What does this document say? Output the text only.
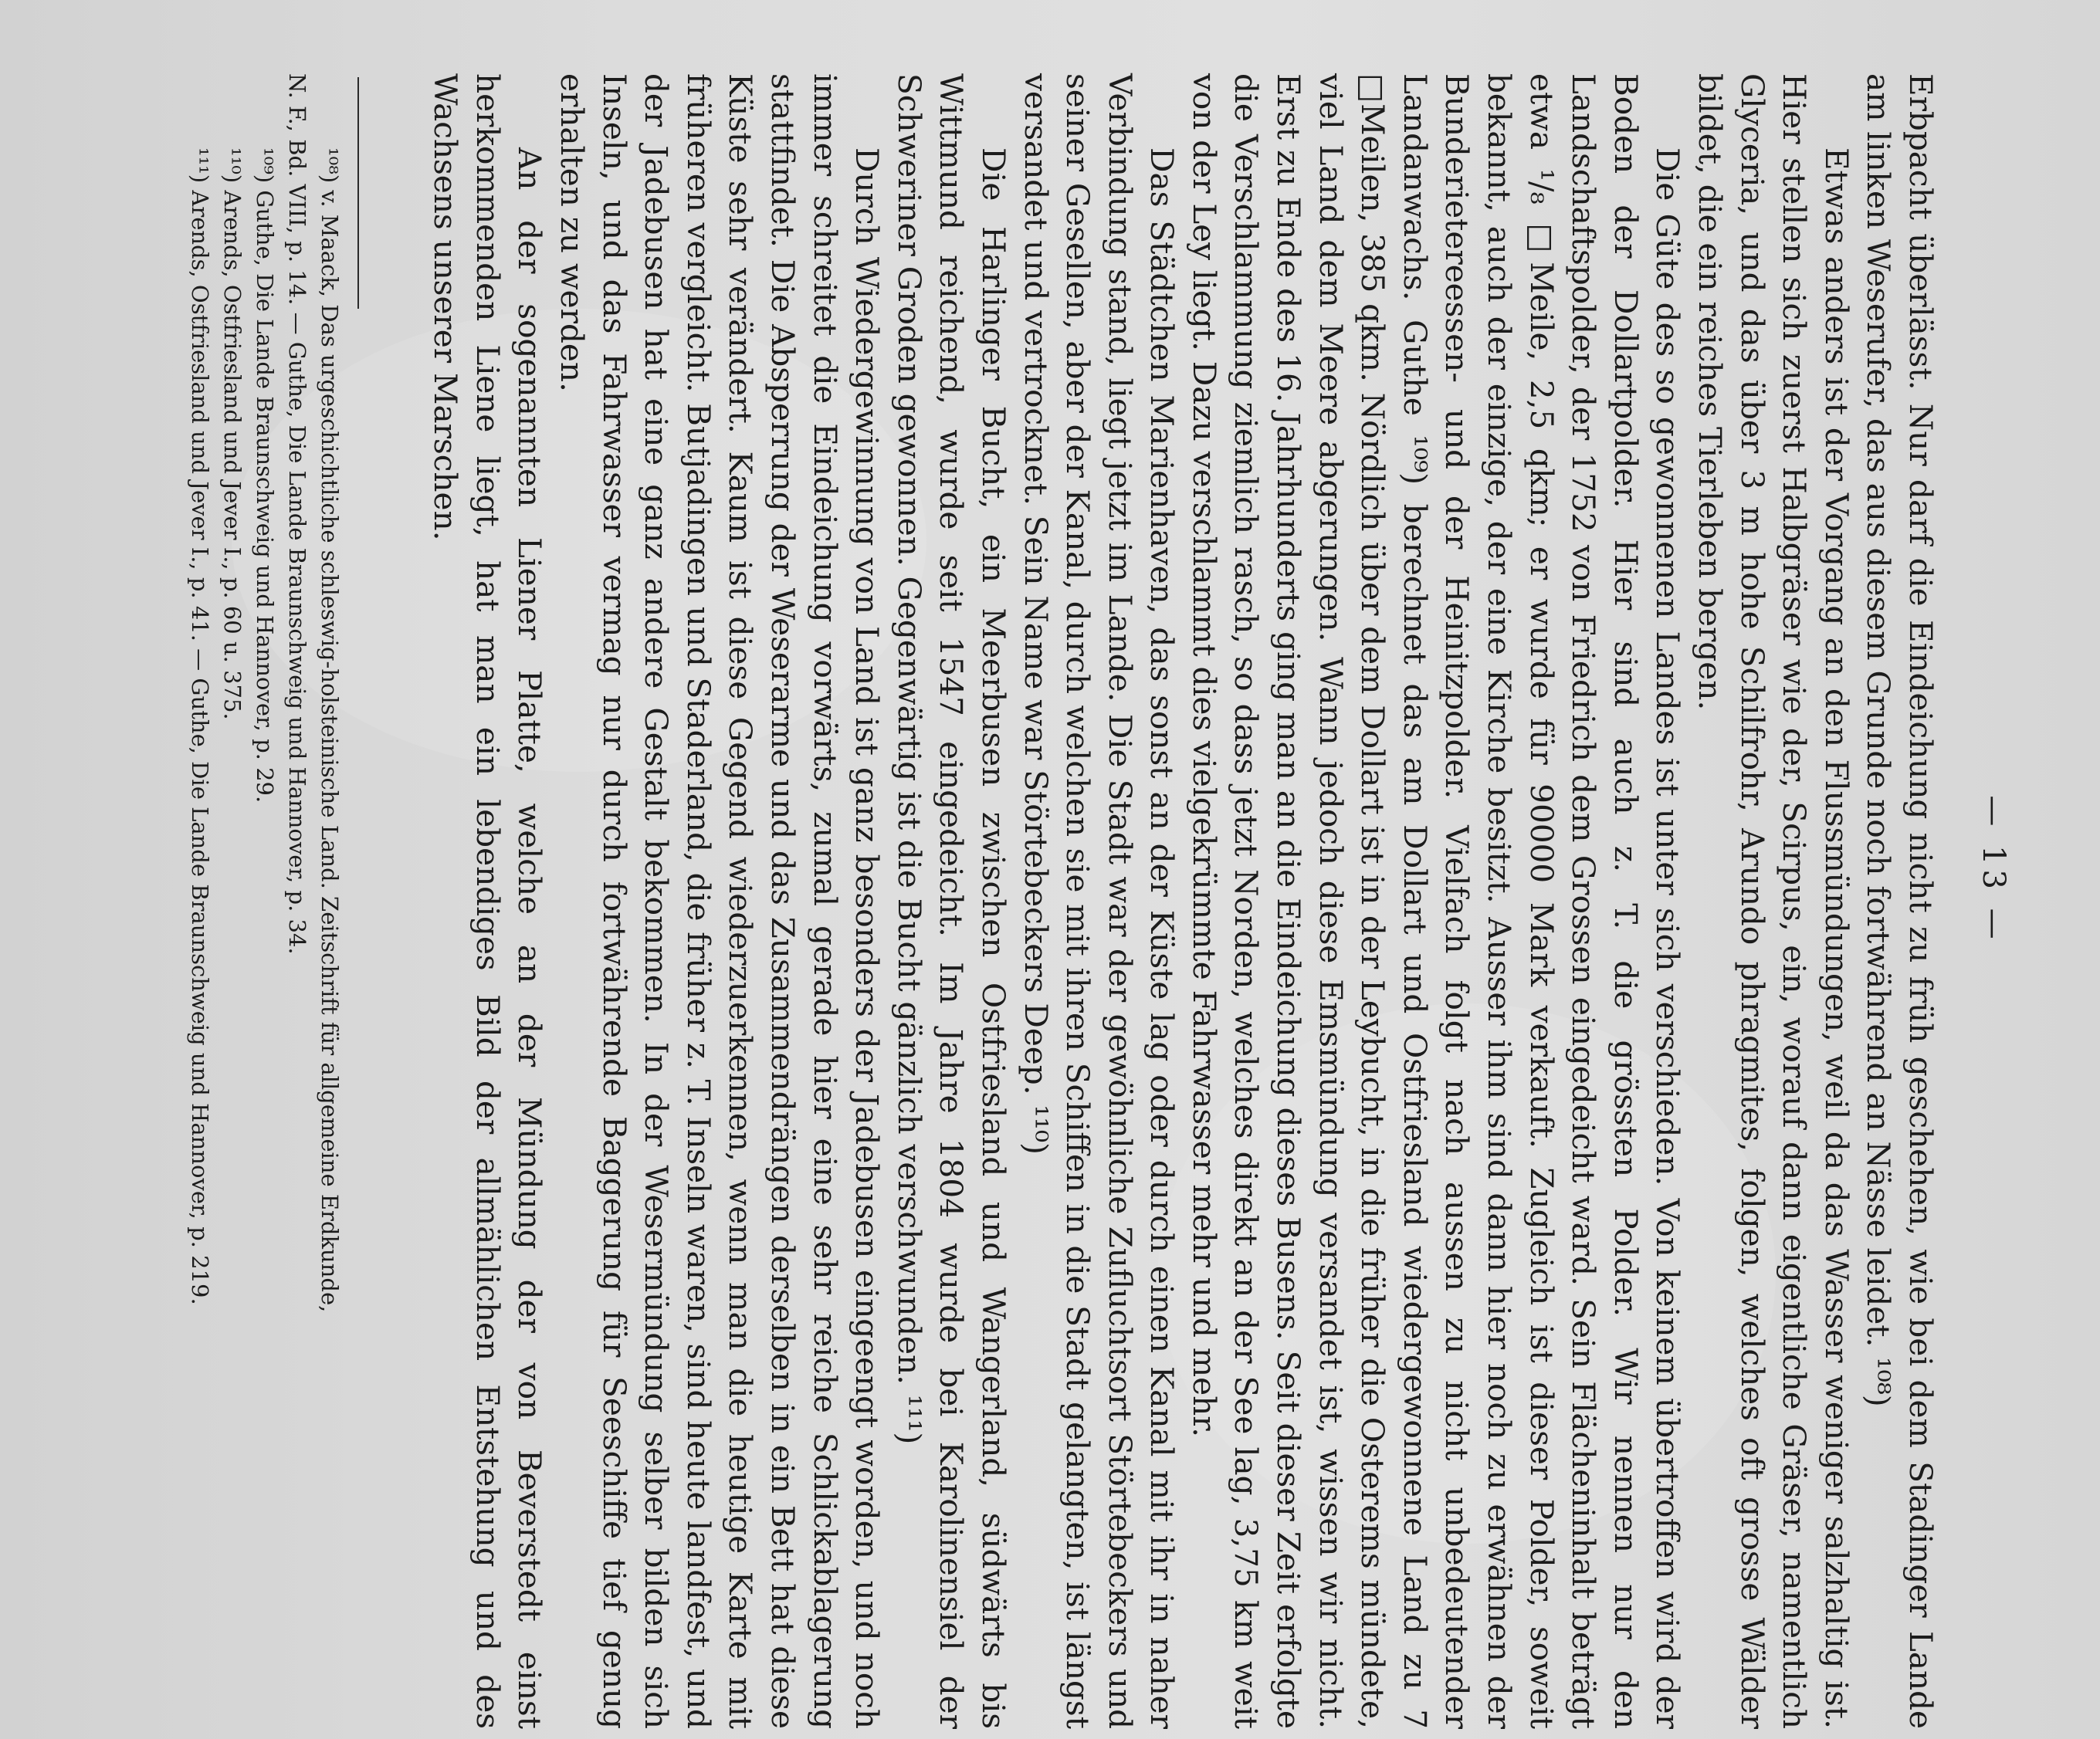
— 13 —

Erbpacht überlässt. Nur darf die Eindeichung nicht zu früh geschehen, wie bei dem Stadinger Lande am linken Weserufer, das aus diesem Grunde noch fortwährend an Nässe leidet. ¹⁰⁸)

Etwas anders ist der Vorgang an den Flussmündungen, weil da das Wasser weniger salzhaltig ist. Hier stellen sich zuerst Halbgräser wie der, Scirpus, ein, worauf dann eigentliche Gräser, namentlich Glyceria, und das über 3 m hohe Schilfrohr, Arundo phragmites, folgen, welches oft grosse Wälder bildet, die ein reiches Tierleben bergen.

Die Güte des so gewonnenen Landes ist unter sich verschieden. Von keinem übertroffen wird der Boden der Dollartpolder. Hier sind auch z. T. die grössten Polder. Wir nennen nur den Landschaftspolder, der 1752 von Friedrich dem Grossen eingedeicht ward. Sein Flächeninhalt beträgt etwa ¹/₈ □Meile, 2,5 qkm; er wurde für 90000 Mark verkauft. Zugleich ist dieser Polder, soweit bekannt, auch der einzige, der eine Kirche besitzt. Ausser ihm sind dann hier noch zu erwähnen der Bunderietereessen- und der Heinitzpolder. Vielfach folgt nach aussen zu nicht unbedeutender Landanwachs. Guthe ¹⁰⁹) berechnet das am Dollart und Ostfriesland wiedergewonnene Land zu 7 □Meilen, 385 qkm. Nördlich über dem Dollart ist in der Leybucht, in die früher die Osterems mündete, viel Land dem Meere abgerungen. Wann jedoch diese Emsmündung versandet ist, wissen wir nicht. Erst zu Ende des 16. Jahrhunderts ging man an die Eindeichung dieses Busens. Seit dieser Zeit erfolgte die Verschlammung ziemlich rasch, so dass jetzt Norden, welches direkt an der See lag, 3,75 km weit von der Ley liegt. Dazu verschlammt dies vielgekrümmte Fahrwasser mehr und mehr.

Das Städtchen Marienhaven, das sonst an der Küste lag oder durch einen Kanal mit ihr in naher Verbindung stand, liegt jetzt im Lande. Die Stadt war der gewöhnliche Zufluchtsort Störtebeckers und seiner Gesellen, aber der Kanal, durch welchen sie mit ihren Schiffen in die Stadt gelangten, ist längst versandet und vertrocknet. Sein Name war Störtebeckers Deep. ¹¹⁰)

Die Harlinger Bucht, ein Meerbusen zwischen Ostfriesland und Wangerland, südwärts bis Wittmund reichend, wurde seit 1547 eingedeicht. Im Jahre 1804 wurde bei Karolinensiel der Schweriner Groden gewonnen. Gegenwärtig ist die Bucht gänzlich verschwunden. ¹¹¹)

Durch Wiedergewinnung von Land ist ganz besonders der Jadebusen eingeengt worden, und noch immer schreitet die Eindeichung vorwärts, zumal gerade hier eine sehr reiche Schlickablagerung stattfindet. Die Absperrung der Weserarme und das Zusammendrängen derselben in ein Bett hat diese Küste sehr verändert. Kaum ist diese Gegend wiederzuerkennen, wenn man die heutige Karte mit früheren vergleicht. Butjadingen und Staderland, die früher z. T. Inseln waren, sind heute landfest, und der Jadebusen hat eine ganz andere Gestalt bekommen. In der Wesermündung selber bilden sich Inseln, und das Fahrwasser vermag nur durch fortwährende Baggerung für Seeschiffe tief genug erhalten zu werden.

An der sogenannten Liener Platte, welche an der Mündung der von Beverstedt einst herkommenden Liene liegt, hat man ein lebendiges Bild der allmählichen Entstehung und des Wachsens unserer Marschen.

¹⁰⁸) v. Maack, Das urgeschichtliche schleswig-holsteinische Land. Zeitschrift für allgemeine Erdkunde,

N. F., Bd. VIII, p. 14. — Guthe, Die Lande Braunschweig und Hannover, p. 34.

¹⁰⁹) Guthe, Die Lande Braunschweig und Hannover, p. 29.

¹¹⁰) Arends, Ostfriesland und Jever I., p. 60 u. 375.

¹¹¹) Arends, Ostfriesland und Jever I., p. 41. — Guthe, Die Lande Braunschweig und Hannover, p. 219.
